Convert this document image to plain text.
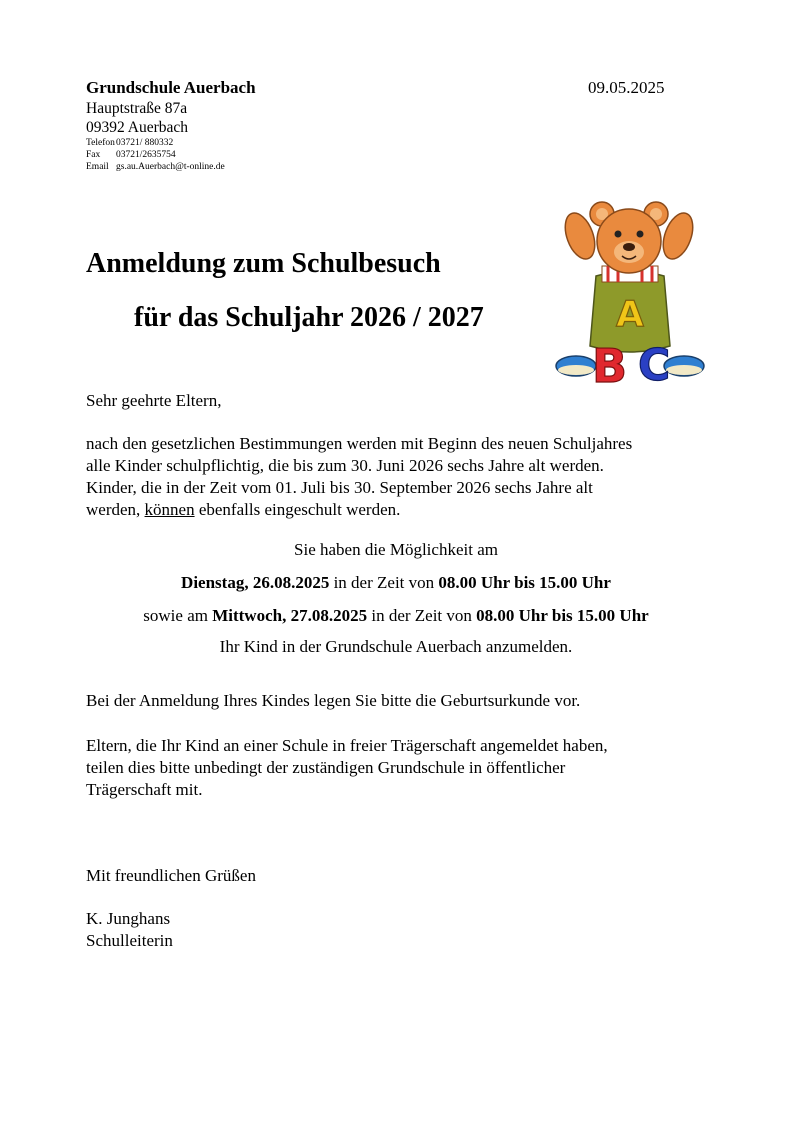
Grundschule Auerbach	09.05.2025
Hauptstraße 87a
09392 Auerbach
Telefon03721/ 880332
Fax 03721/2635754
Email gs.au.Auerbach@t-online.de
Anmeldung zum Schulbesuch
für das Schuljahr 2026 / 2027	A
B C
Sehr geehrte Eltern,
nach den gesetzlichen Bestimmungen werden mit Beginn des neuen Schuljahres
alle Kinder schulpflichtig, die bis zum 30. Juni 2026 sechs Jahre alt werden.
Kinder, die in der Zeit vom 01. Juli bis 30. September 2026 sechs Jahre alt
werden, können ebenfalls eingeschult werden.
Sie haben die Möglichkeit am
Dienstag, 26.08.2025 in der Zeit von 08.00 Uhr bis 15.00 Uhr
sowie am Mittwoch, 27.08.2025 in der Zeit von 08.00 Uhr bis 15.00 Uhr
Ihr Kind in der Grundschule Auerbach anzumelden.
Bei der Anmeldung Ihres Kindes legen Sie bitte die Geburtsurkunde vor.
Eltern, die Ihr Kind an einer Schule in freier Trägerschaft angemeldet haben,
teilen dies bitte unbedingt der zuständigen Grundschule in öffentlicher
Trägerschaft mit.
Mit freundlichen Grüßen
K. Junghans
Schulleiterin
